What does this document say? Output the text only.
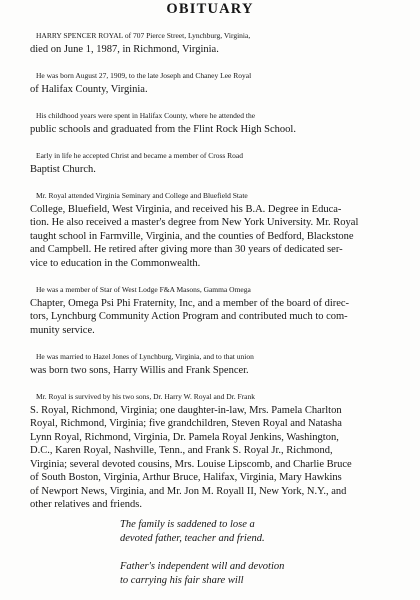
OBITUARY
HARRY SPENCER ROYAL of 707 Pierce Street, Lynchburg, Virginia,
died on June 1, 1987, in Richmond, Virginia.
He was born August 27, 1909, to the late Joseph and Chaney Lee Royal
of Halifax County, Virginia.
His childhood years were spent in Halifax County, where he attended the
public schools and graduated from the Flint Rock High School.
Early in life he accepted Christ and became a member of Cross Road
Baptist Church.
Mr. Royal attended Virginia Seminary and College and Bluefield State
College, Bluefield, West Virginia, and received his B.A. Degree in Educa-
tion. He also received a master's degree from New York University. Mr. Royal
taught school in Farmville, Virginia, and the counties of Bedford, Blackstone
and Campbell. He retired after giving more than 30 years of dedicated ser-
vice to education in the Commonwealth.
He was a member of Star of West Lodge F&A Masons, Gamma Omega
Chapter, Omega Psi Phi Fraternity, Inc, and a member of the board of direc-
tors, Lynchburg Community Action Program and contributed much to com-
munity service.
He was married to Hazel Jones of Lynchburg, Virginia, and to that union
was born two sons, Harry Willis and Frank Spencer.
Mr. Royal is survived by his two sons, Dr. Harry W. Royal and Dr. Frank
S. Royal, Richmond, Virginia; one daughter-in-law, Mrs. Pamela Charlton
Royal, Richmond, Virginia; five grandchildren, Steven Royal and Natasha
Lynn Royal, Richmond, Virginia, Dr. Pamela Royal Jenkins, Washington,
D.C., Karen Royal, Nashville, Tenn., and Frank S. Royal Jr., Richmond,
Virginia; several devoted cousins, Mrs. Louise Lipscomb, and Charlie Bruce
of South Boston, Virginia, Arthur Bruce, Halifax, Virginia, Mary Hawkins
of Newport News, Virginia, and Mr. Jon M. Royall II, New York, N.Y., and
other relatives and friends.
The family is saddened to lose a
devoted father, teacher and friend.
Father's independent will and devotion
to carrying his fair share will
